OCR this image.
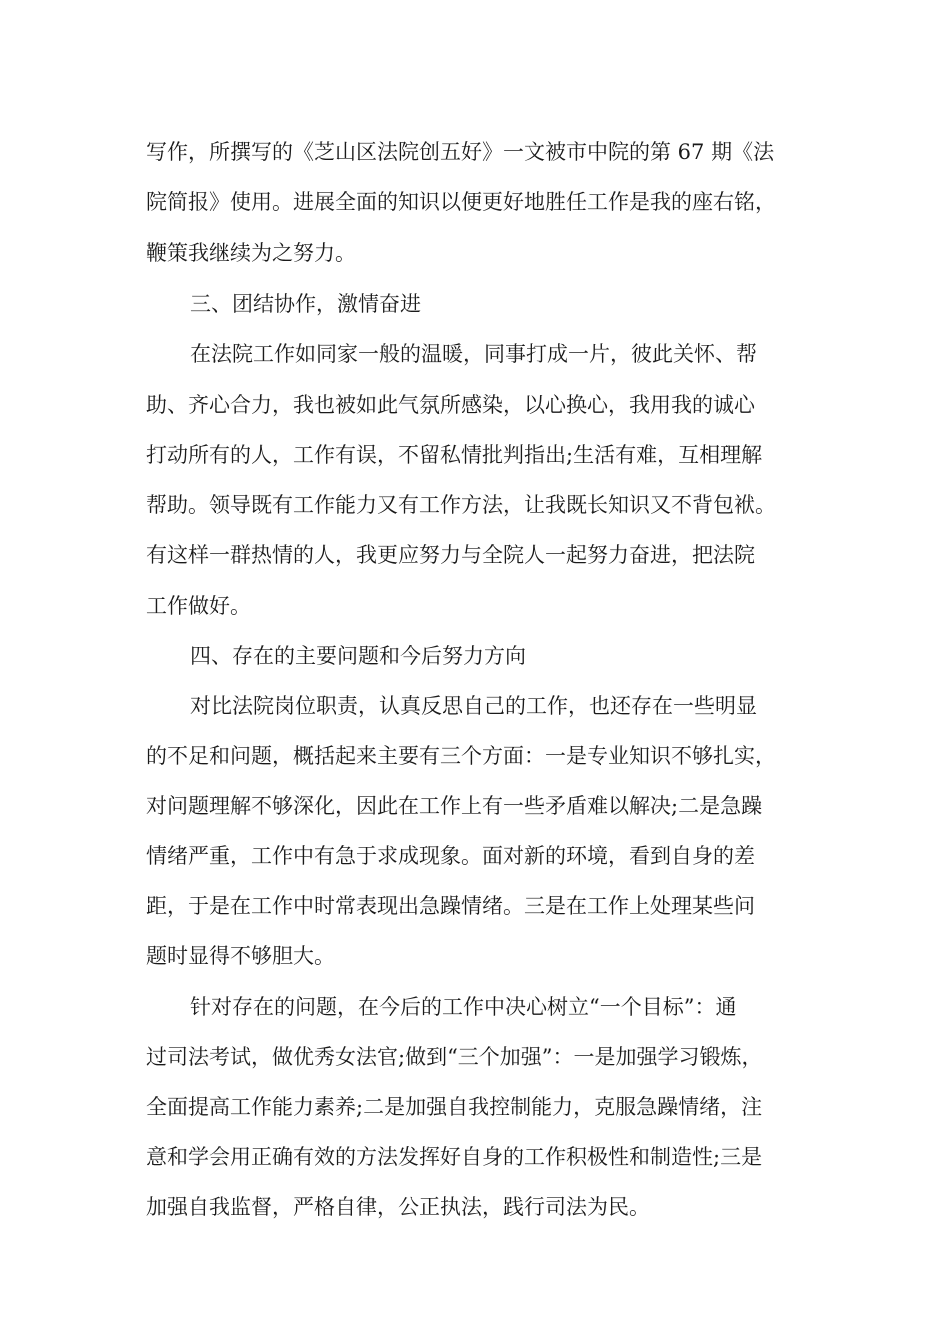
写作，所撰写的《芝山区法院创五好》一文被市中院的第 67 期《法
院简报》使用。进展全面的知识以便更好地胜任工作是我的座右铭，
鞭策我继续为之努力。
三、团结协作，激情奋进
在法院工作如同家一般的温暖，同事打成一片，彼此关怀、帮
助、齐心合力，我也被如此气氛所感染，以心换心，我用我的诚心
打动所有的人，工作有误，不留私情批判指出;生活有难，互相理解
帮助。领导既有工作能力又有工作方法，让我既长知识又不背包袱。
有这样一群热情的人，我更应努力与全院人一起努力奋进，把法院
工作做好。
四、存在的主要问题和今后努力方向
对比法院岗位职责，认真反思自己的工作，也还存在一些明显
的不足和问题，概括起来主要有三个方面：一是专业知识不够扎实，
对问题理解不够深化，因此在工作上有一些矛盾难以解决;二是急躁
情绪严重，工作中有急于求成现象。面对新的环境，看到自身的差
距，于是在工作中时常表现出急躁情绪。三是在工作上处理某些问
题时显得不够胆大。
针对存在的问题，在今后的工作中决心树立“一个目标”：通
过司法考试，做优秀女法官;做到“三个加强”：一是加强学习锻炼，
全面提高工作能力素养;二是加强自我控制能力，克服急躁情绪，注
意和学会用正确有效的方法发挥好自身的工作积极性和制造性;三是
加强自我监督，严格自律，公正执法，践行司法为民。
